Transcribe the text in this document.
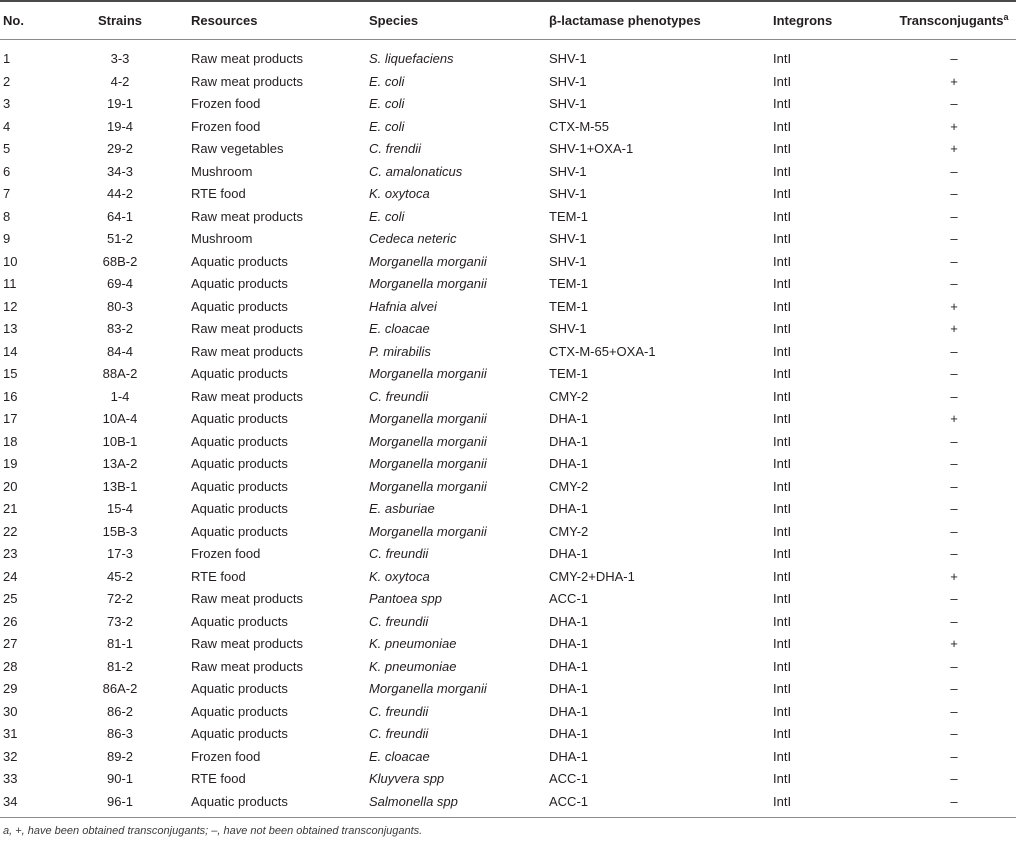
No.	Strains	Resources	Species	β-lactamase phenotypes	Integrons	Transconjugants$^a$
1	3-3	Raw meat products	S. liquefaciens	SHV-1	IntI	–
2	4-2	Raw meat products	E. coli	SHV-1	IntI	+
3	19-1	Frozen food	E. coli	SHV-1	IntI	–
4	19-4	Frozen food	E. coli	CTX-M-55	IntI	+
5	29-2	Raw vegetables	C. frendii	SHV-1+OXA-1	IntI	+
6	34-3	Mushroom	C. amalonaticus	SHV-1	IntI	–
7	44-2	RTE food	K. oxytoca	SHV-1	IntI	–
8	64-1	Raw meat products	E. coli	TEM-1	IntI	–
9	51-2	Mushroom	Cedeca neteric	SHV-1	IntI	–
10	68B-2	Aquatic products	Morganella morganii	SHV-1	IntI	–
11	69-4	Aquatic products	Morganella morganii	TEM-1	IntI	–
12	80-3	Aquatic products	Hafnia alvei	TEM-1	IntI	+
13	83-2	Raw meat products	E. cloacae	SHV-1	IntI	+
14	84-4	Raw meat products	P. mirabilis	CTX-M-65+OXA-1	IntI	–
15	88A-2	Aquatic products	Morganella morganii	TEM-1	IntI	–
16	1-4	Raw meat products	C. freundii	CMY-2	IntI	–
17	10A-4	Aquatic products	Morganella morganii	DHA-1	IntI	+
18	10B-1	Aquatic products	Morganella morganii	DHA-1	IntI	–
19	13A-2	Aquatic products	Morganella morganii	DHA-1	IntI	–
20	13B-1	Aquatic products	Morganella morganii	CMY-2	IntI	–
21	15-4	Aquatic products	E. asburiae	DHA-1	IntI	–
22	15B-3	Aquatic products	Morganella morganii	CMY-2	IntI	–
23	17-3	Frozen food	C. freundii	DHA-1	IntI	–
24	45-2	RTE food	K. oxytoca	CMY-2+DHA-1	IntI	+
25	72-2	Raw meat products	Pantoea spp	ACC-1	IntI	–
26	73-2	Aquatic products	C. freundii	DHA-1	IntI	–
27	81-1	Raw meat products	K. pneumoniae	DHA-1	IntI	+
28	81-2	Raw meat products	K. pneumoniae	DHA-1	IntI	–
29	86A-2	Aquatic products	Morganella morganii	DHA-1	IntI	–
30	86-2	Aquatic products	C. freundii	DHA-1	IntI	–
31	86-3	Aquatic products	C. freundii	DHA-1	IntI	–
32	89-2	Frozen food	E. cloacae	DHA-1	IntI	–
33	90-1	RTE food	Kluyvera spp	ACC-1	IntI	–
34	96-1	Aquatic products	Salmonella spp	ACC-1	IntI	–
a, +, have been obtained transconjugants; –, have not been obtained transconjugants.
